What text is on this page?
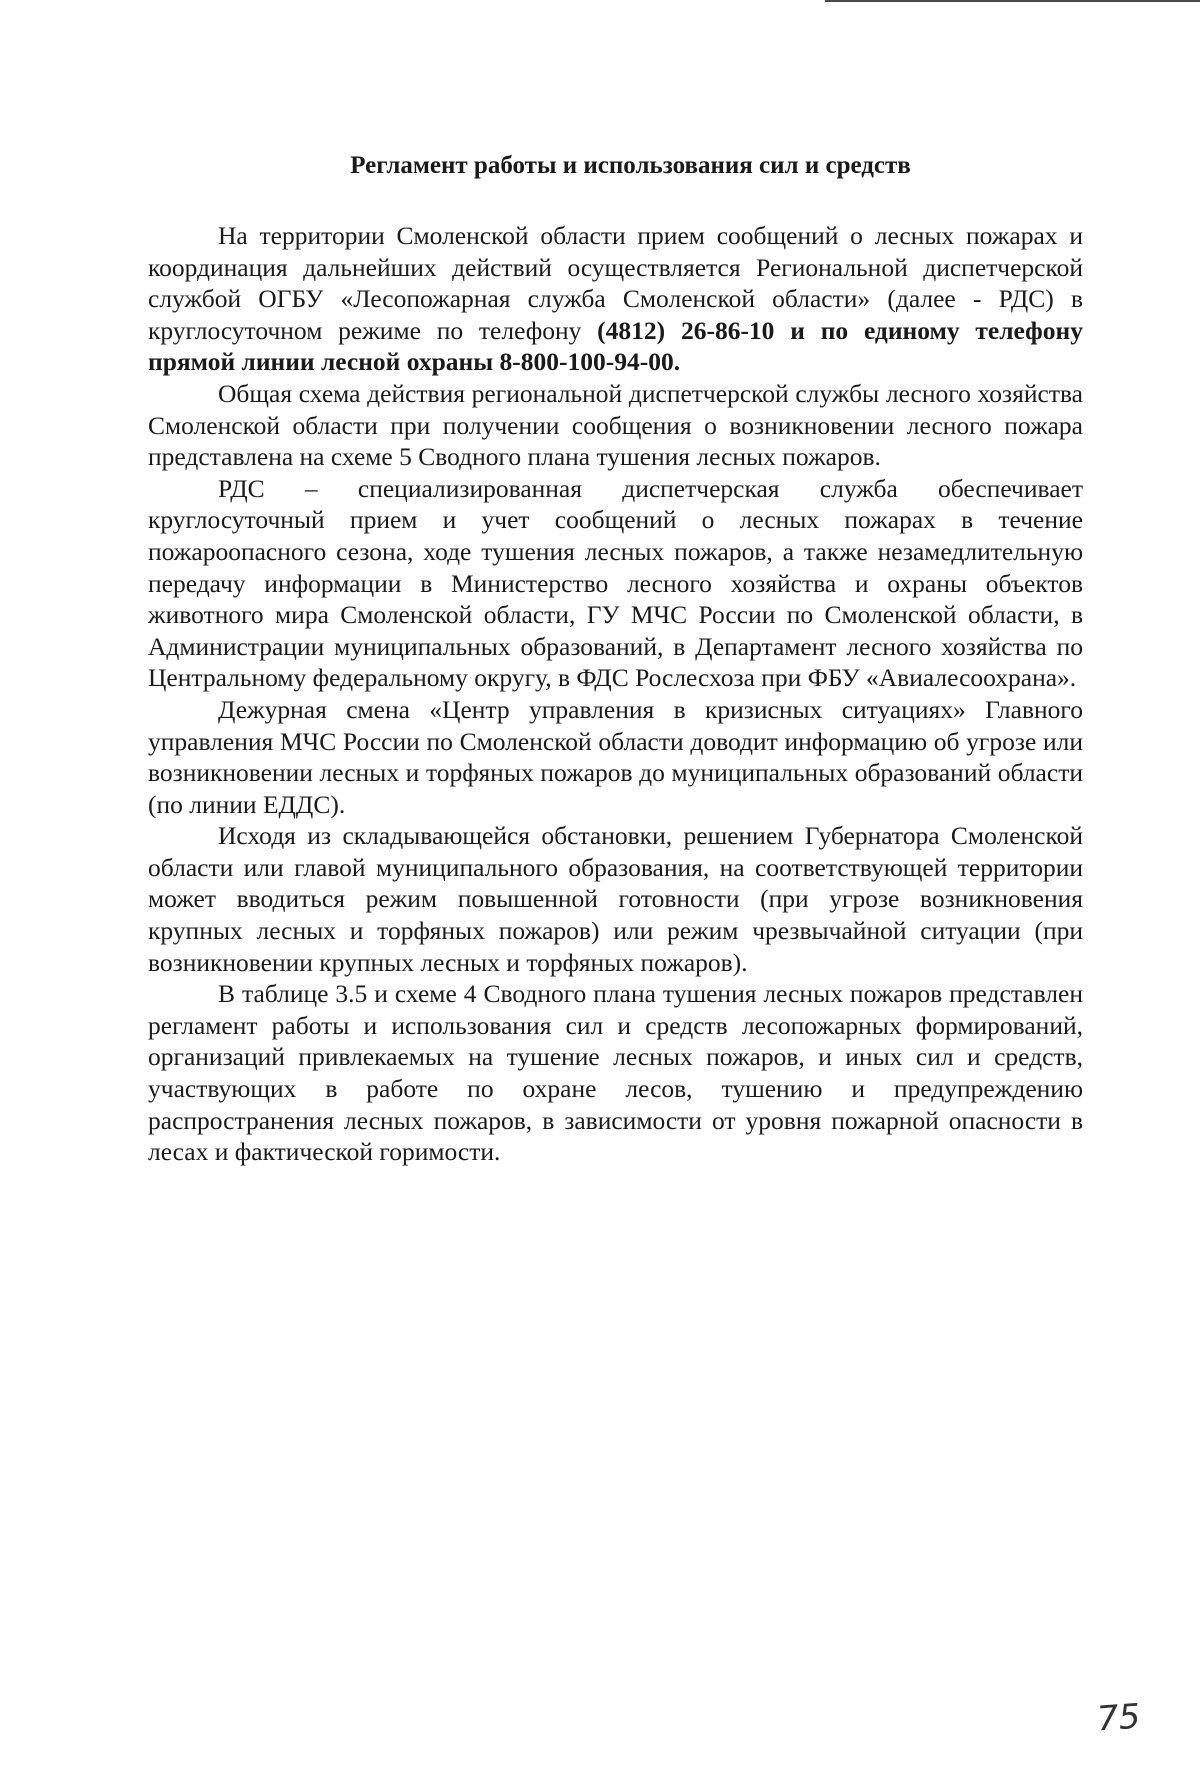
Регламент работы и использования сил и средств

На территории Смоленской области прием сообщений о лесных пожарах и координация дальнейших действий осуществляется Региональной диспетчерской службой ОГБУ «Лесопожарная служба Смоленской области» (далее - РДС) в круглосуточном режиме по телефону (4812) 26-86-10 и по единому телефону прямой линии лесной охраны 8-800-100-94-00.

Общая схема действия региональной диспетчерской службы лесного хозяйства Смоленской области при получении сообщения о возникновении лесного пожара представлена на схеме 5 Сводного плана тушения лесных пожаров.

РДС – специализированная диспетчерская служба обеспечивает круглосуточный прием и учет сообщений о лесных пожарах в течение пожароопасного сезона, ходе тушения лесных пожаров, а также незамедлительную передачу информации в Министерство лесного хозяйства и охраны объектов животного мира Смоленской области, ГУ МЧС России по Смоленской области, в Администрации муниципальных образований, в Департамент лесного хозяйства по Центральному федеральному округу, в ФДС Рослесхоза при ФБУ «Авиалесоохрана».

Дежурная смена «Центр управления в кризисных ситуациях» Главного управления МЧС России по Смоленской области доводит информацию об угрозе или возникновении лесных и торфяных пожаров до муниципальных образований области (по линии ЕДДС).

Исходя из складывающейся обстановки, решением Губернатора Смоленской области или главой муниципального образования, на соответствующей территории может вводиться режим повышенной готовности (при угрозе возникновения крупных лесных и торфяных пожаров) или режим чрезвычайной ситуации (при возникновении крупных лесных и торфяных пожаров).

В таблице 3.5 и схеме 4 Сводного плана тушения лесных пожаров представлен регламент работы и использования сил и средств лесопожарных формирований, организаций привлекаемых на тушение лесных пожаров, и иных сил и средств, участвующих в работе по охране лесов, тушению и предупреждению распространения лесных пожаров, в зависимости от уровня пожарной опасности в лесах и фактической горимости.

75
